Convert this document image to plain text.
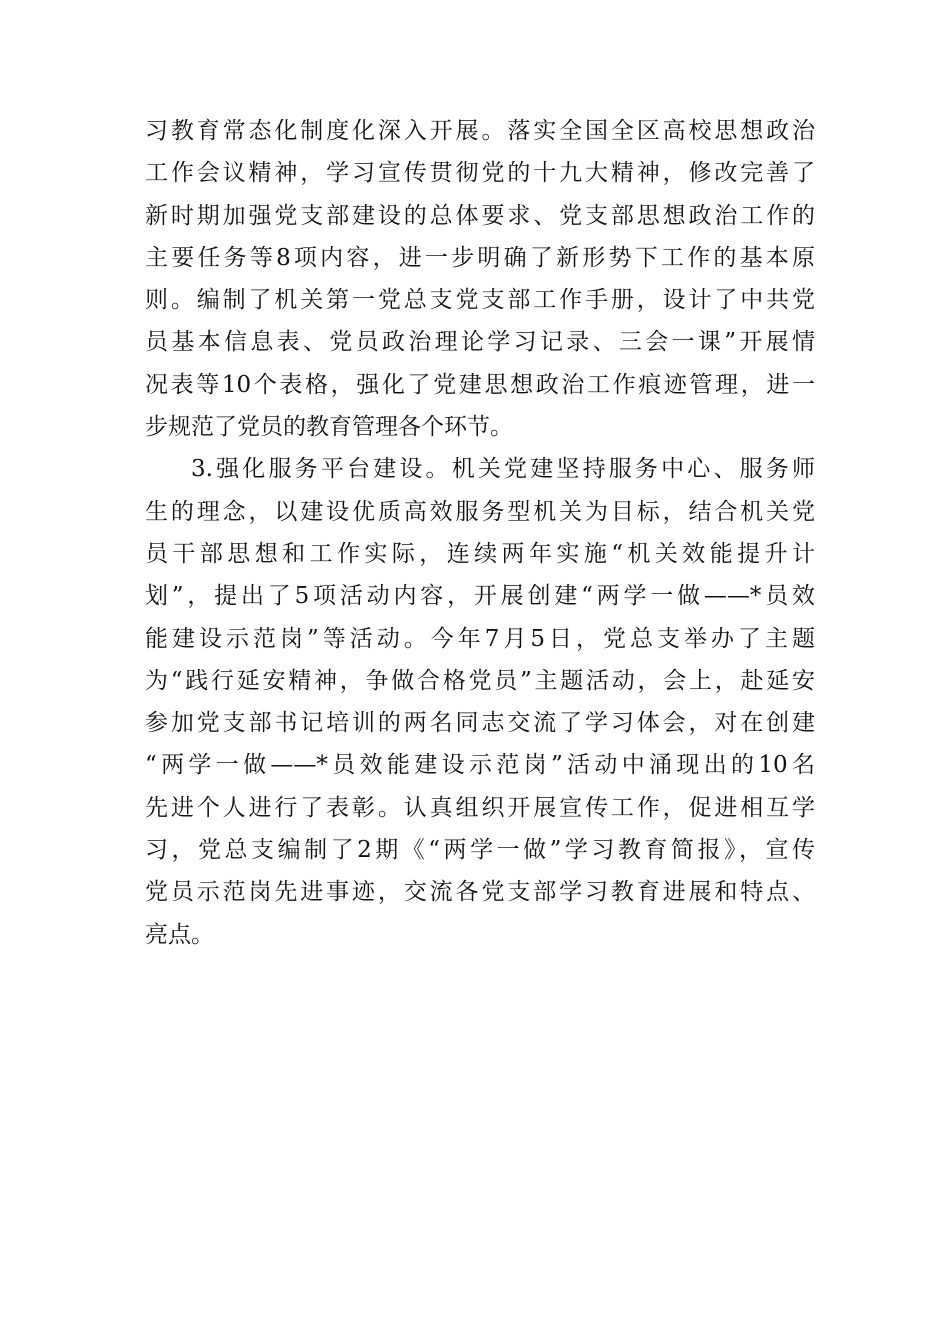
习教育常态化制度化深入开展。落实全国全区高校思想政治
工作会议精神，学习宣传贯彻党的十九大精神，修改完善了
新时期加强党支部建设的总体要求、党支部思想政治工作的
主要任务等8项内容，进一步明确了新形势下工作的基本原
则。编制了机关第一党总支党支部工作手册，设计了中共党
员基本信息表、党员政治理论学习记录、三会一课”开展情
况表等10个表格，强化了党建思想政治工作痕迹管理，进一
步规范了党员的教育管理各个环节。
3.强化服务平台建设。机关党建坚持服务中心、服务师
生的理念，以建设优质高效服务型机关为目标，结合机关党
员干部思想和工作实际，连续两年实施“机关效能提升计
划”，提出了5项活动内容，开展创建“两学一做——*员效
能建设示范岗”等活动。今年7月5日，党总支举办了主题
为“践行延安精神，争做合格党员”主题活动，会上，赴延安
参加党支部书记培训的两名同志交流了学习体会，对在创建
“两学一做——*员效能建设示范岗”活动中涌现出的10名
先进个人进行了表彰。认真组织开展宣传工作，促进相互学
习，党总支编制了2期《“两学一做”学习教育简报》，宣传
党员示范岗先进事迹，交流各党支部学习教育进展和特点、
亮点。
